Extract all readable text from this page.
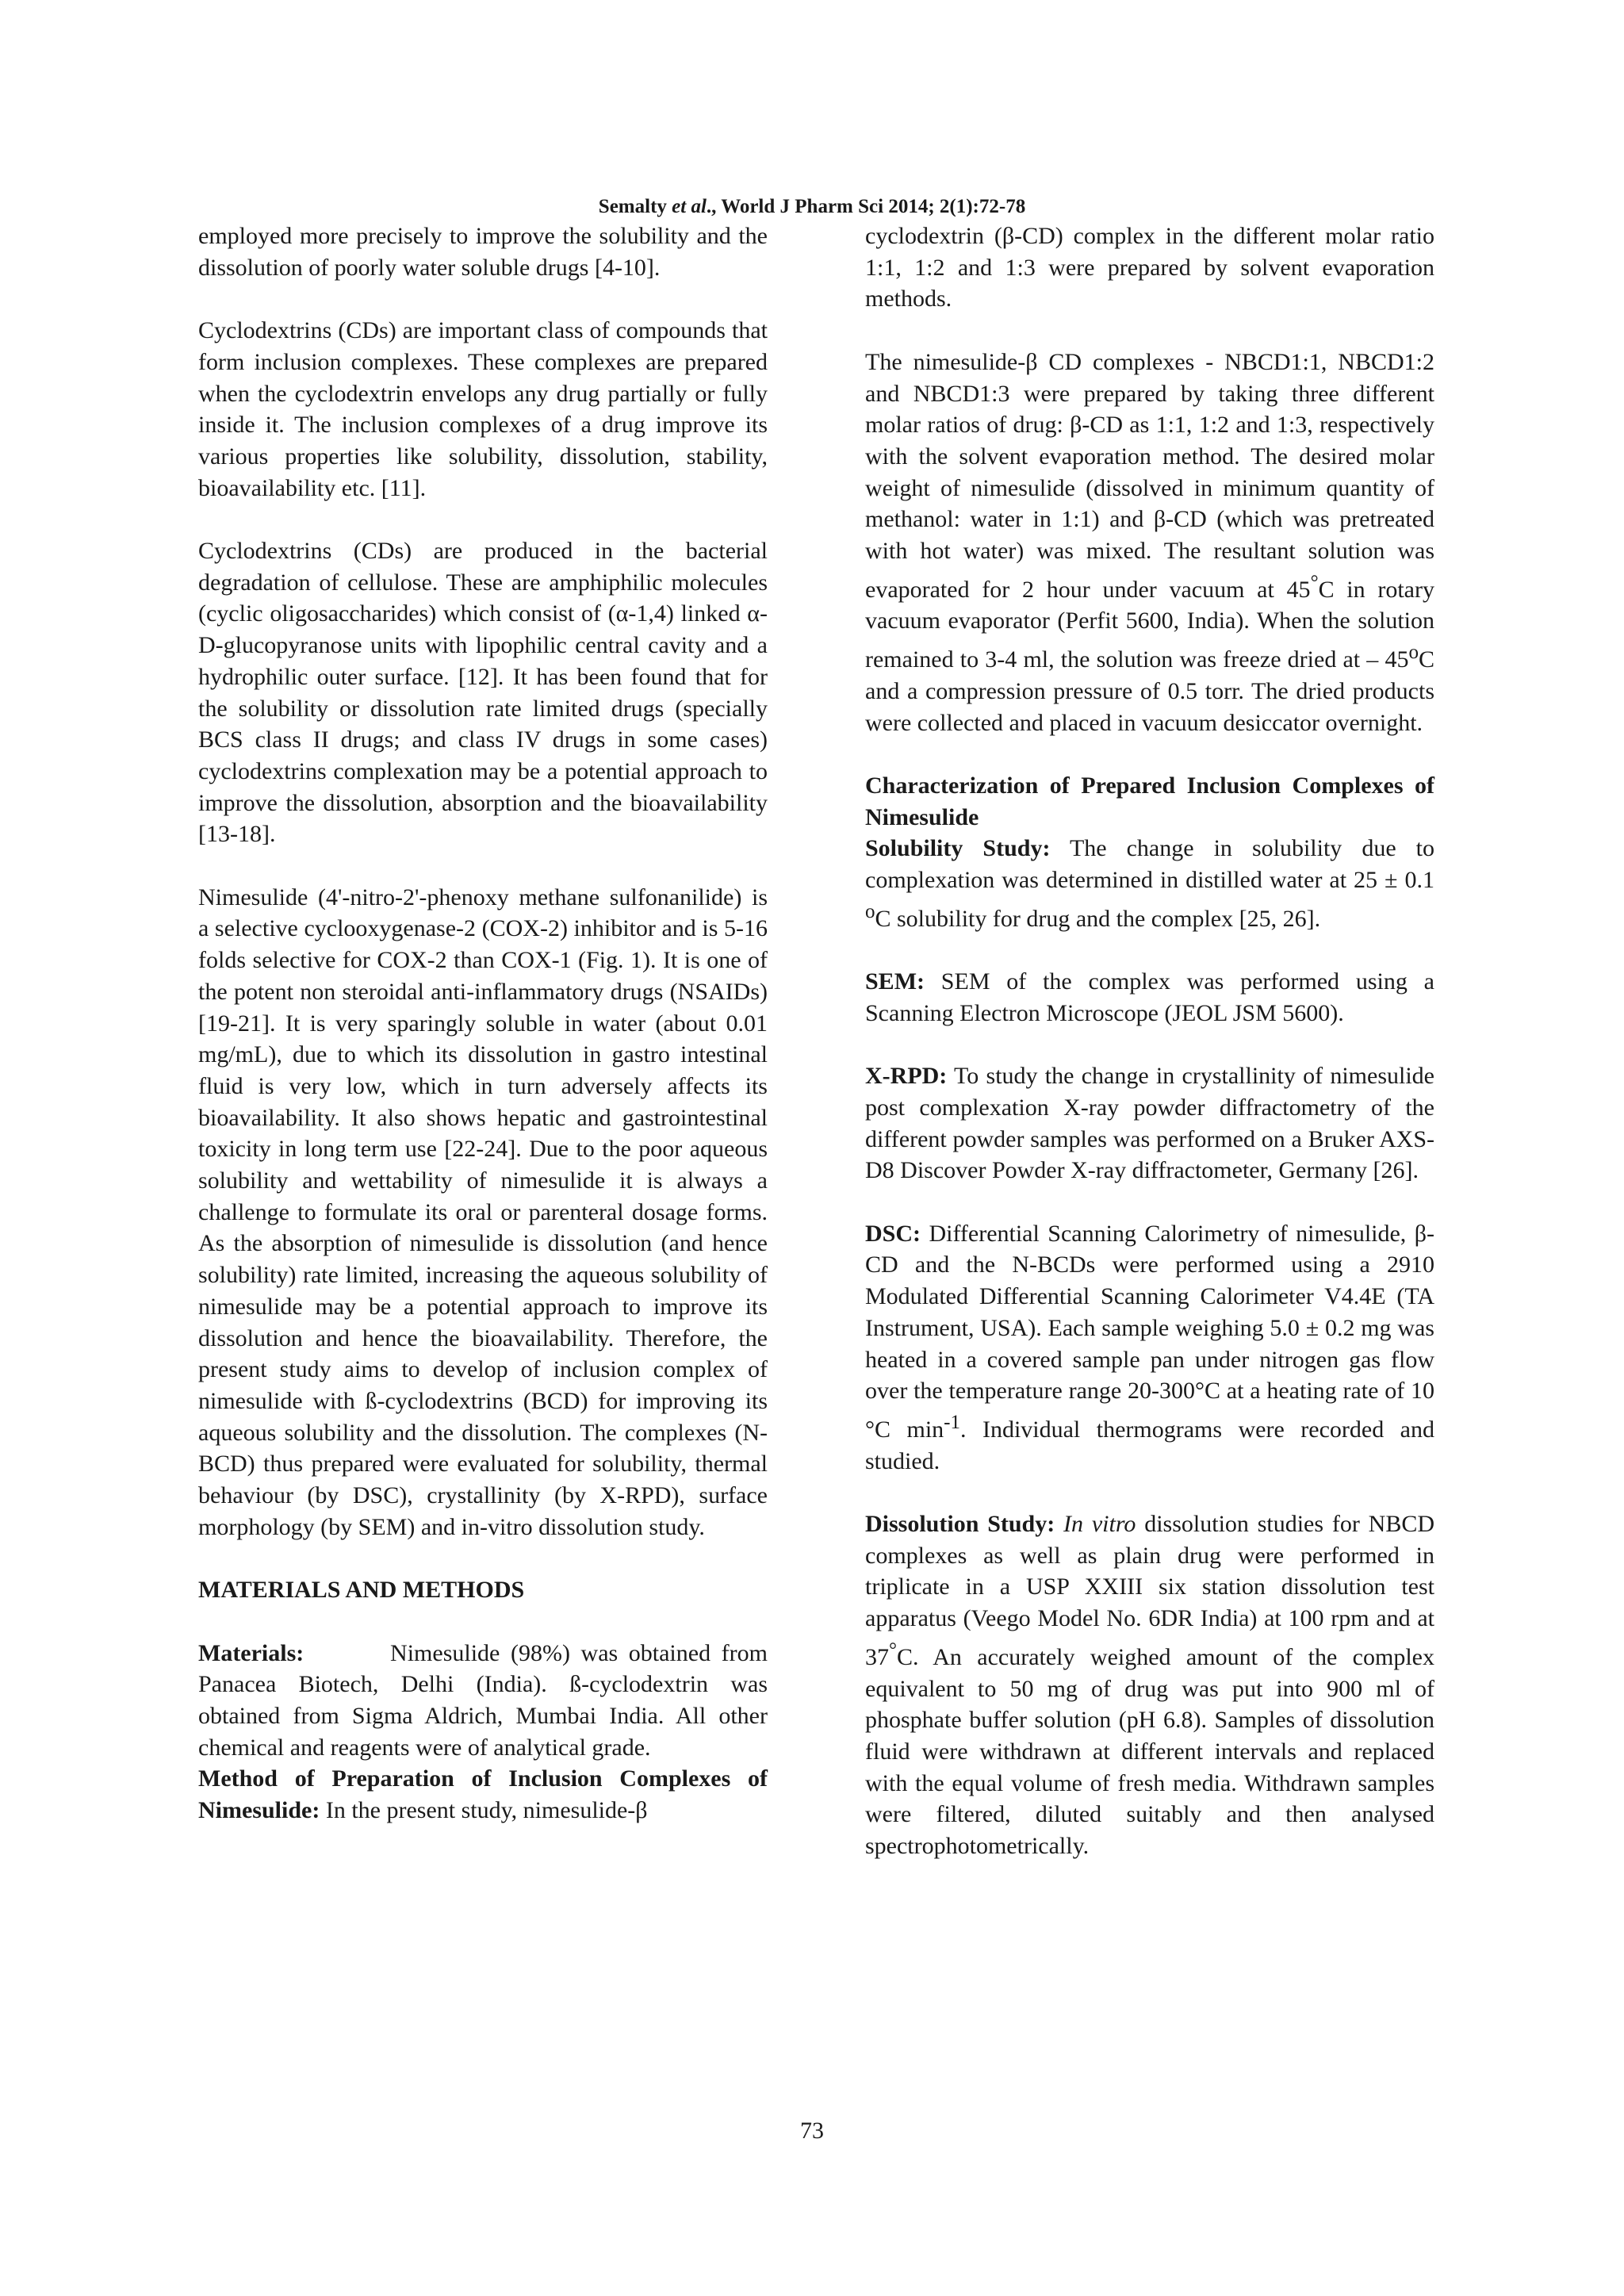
Semalty et al., World J Pharm Sci 2014; 2(1):72-78

employed more precisely to improve the solubility and the dissolution of poorly water soluble drugs [4-10].

Cyclodextrins (CDs) are important class of compounds that form inclusion complexes. These complexes are prepared when the cyclodextrin envelops any drug partially or fully inside it. The inclusion complexes of a drug improve its various properties like solubility, dissolution, stability, bioavailability etc. [11].

Cyclodextrins (CDs) are produced in the bacterial degradation of cellulose. These are amphiphilic molecules (cyclic oligosaccharides) which consist of (α-1,4) linked α-D-glucopyranose units with lipophilic central cavity and a hydrophilic outer surface. [12]. It has been found that for the solubility or dissolution rate limited drugs (specially BCS class II drugs; and class IV drugs in some cases) cyclodextrins complexation may be a potential approach to improve the dissolution, absorption and the bioavailability [13-18].

Nimesulide (4'-nitro-2'-phenoxy methane sulfonanilide) is a selective cyclooxygenase-2 (COX-2) inhibitor and is 5-16 folds selective for COX-2 than COX-1 (Fig. 1). It is one of the potent non steroidal anti-inflammatory drugs (NSAIDs) [19-21]. It is very sparingly soluble in water (about 0.01 mg/mL), due to which its dissolution in gastro intestinal fluid is very low, which in turn adversely affects its bioavailability. It also shows hepatic and gastrointestinal toxicity in long term use [22-24]. Due to the poor aqueous solubility and wettability of nimesulide it is always a challenge to formulate its oral or parenteral dosage forms. As the absorption of nimesulide is dissolution (and hence solubility) rate limited, increasing the aqueous solubility of nimesulide may be a potential approach to improve its dissolution and hence the bioavailability. Therefore, the present study aims to develop of inclusion complex of nimesulide with ß-cyclodextrins (BCD) for improving its aqueous solubility and the dissolution. The complexes (N-BCD) thus prepared were evaluated for solubility, thermal behaviour (by DSC), crystallinity (by X-RPD), surface morphology (by SEM) and in-vitro dissolution study.

MATERIALS AND METHODS

Materials:        Nimesulide (98%) was obtained from Panacea Biotech, Delhi (India). ß-cyclodextrin was obtained from Sigma Aldrich, Mumbai India. All other chemical and reagents were of analytical grade.

Method of Preparation of Inclusion Complexes of Nimesulide: In the present study, nimesulide-β

cyclodextrin (β-CD) complex in the different molar ratio 1:1, 1:2 and 1:3 were prepared by solvent evaporation methods.

The nimesulide-β CD complexes - NBCD1:1, NBCD1:2 and NBCD1:3 were prepared by taking three different molar ratios of drug: β-CD as 1:1, 1:2 and 1:3, respectively with the solvent evaporation method. The desired molar weight of nimesulide (dissolved in minimum quantity of methanol: water in 1:1) and β-CD (which was pretreated with hot water) was mixed. The resultant solution was evaporated for 2 hour under vacuum at 45°C in rotary vacuum evaporator (Perfit 5600, India). When the solution remained to 3-4 ml, the solution was freeze dried at – 45$^o$C and a compression pressure of 0.5 torr. The dried products were collected and placed in vacuum desiccator overnight.

Characterization of Prepared Inclusion Complexes of Nimesulide

Solubility Study: The change in solubility due to complexation was determined in distilled water at 25 ± 0.1 $^o$C solubility for drug and the complex [25, 26].

SEM: SEM of the complex was performed using a Scanning Electron Microscope (JEOL JSM 5600).

X-RPD: To study the change in crystallinity of nimesulide post complexation X-ray powder diffractometry of the different powder samples was performed on a Bruker AXS-D8 Discover Powder X-ray diffractometer, Germany [26].

DSC: Differential Scanning Calorimetry of nimesulide, β-CD and the N-BCDs were performed using a 2910 Modulated Differential Scanning Calorimeter V4.4E (TA Instrument, USA). Each sample weighing 5.0 ± 0.2 mg was heated in a covered sample pan under nitrogen gas flow over the temperature range 20-300°C at a heating rate of 10 °C $\min^{-1}$. Individual thermograms were recorded and studied.

Dissolution Study: In vitro dissolution studies for NBCD complexes as well as plain drug were performed in triplicate in a USP XXIII six station dissolution test apparatus (Veego Model No. 6DR India) at 100 rpm and at 37°C. An accurately weighed amount of the complex equivalent to 50 mg of drug was put into 900 ml of phosphate buffer solution (pH 6.8). Samples of dissolution fluid were withdrawn at different intervals and replaced with the equal volume of fresh media. Withdrawn samples were filtered, diluted suitably and then analysed spectrophotometrically.

73
